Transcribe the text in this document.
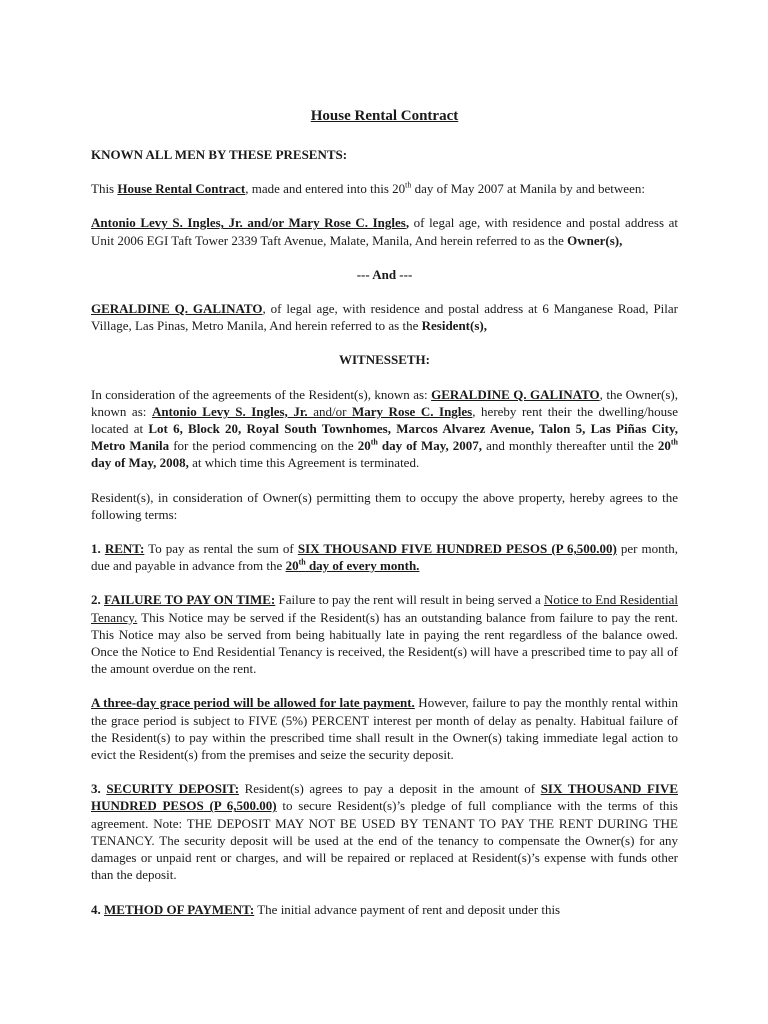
House Rental Contract

KNOWN ALL MEN BY THESE PRESENTS:

This House Rental Contract, made and entered into this 20th day of May 2007 at Manila by and between:

Antonio Levy S. Ingles, Jr. and/or Mary Rose C. Ingles, of legal age, with residence and postal address at Unit 2006 EGI Taft Tower 2339 Taft Avenue, Malate, Manila, And herein referred to as the Owner(s),

--- And ---

GERALDINE Q. GALINATO, of legal age, with residence and postal address at 6 Manganese Road, Pilar Village, Las Pinas, Metro Manila, And herein referred to as the Resident(s),

WITNESSETH:

In consideration of the agreements of the Resident(s), known as: GERALDINE Q. GALINATO, the Owner(s), known as: Antonio Levy S. Ingles, Jr. and/or Mary Rose C. Ingles, hereby rent their the dwelling/house located at Lot 6, Block 20, Royal South Townhomes, Marcos Alvarez Avenue, Talon 5, Las Piñas City, Metro Manila for the period commencing on the 20th day of May, 2007, and monthly thereafter until the 20th day of May, 2008, at which time this Agreement is terminated.

Resident(s), in consideration of Owner(s) permitting them to occupy the above property, hereby agrees to the following terms:

1. RENT: To pay as rental the sum of SIX THOUSAND FIVE HUNDRED PESOS (P 6,500.00) per month, due and payable in advance from the 20th day of every month.

2. FAILURE TO PAY ON TIME: Failure to pay the rent will result in being served a Notice to End Residential Tenancy. This Notice may be served if the Resident(s) has an outstanding balance from failure to pay the rent. This Notice may also be served from being habitually late in paying the rent regardless of the balance owed. Once the Notice to End Residential Tenancy is received, the Resident(s) will have a prescribed time to pay all of the amount overdue on the rent.

A three-day grace period will be allowed for late payment. However, failure to pay the monthly rental within the grace period is subject to FIVE (5%) PERCENT interest per month of delay as penalty. Habitual failure of the Resident(s) to pay within the prescribed time shall result in the Owner(s) taking immediate legal action to evict the Resident(s) from the premises and seize the security deposit.

3. SECURITY DEPOSIT: Resident(s) agrees to pay a deposit in the amount of SIX THOUSAND FIVE HUNDRED PESOS (P 6,500.00) to secure Resident(s)’s pledge of full compliance with the terms of this agreement. Note: THE DEPOSIT MAY NOT BE USED BY TENANT TO PAY THE RENT DURING THE TENANCY. The security deposit will be used at the end of the tenancy to compensate the Owner(s) for any damages or unpaid rent or charges, and will be repaired or replaced at Resident(s)’s expense with funds other than the deposit.

4. METHOD OF PAYMENT: The initial advance payment of rent and deposit under this
